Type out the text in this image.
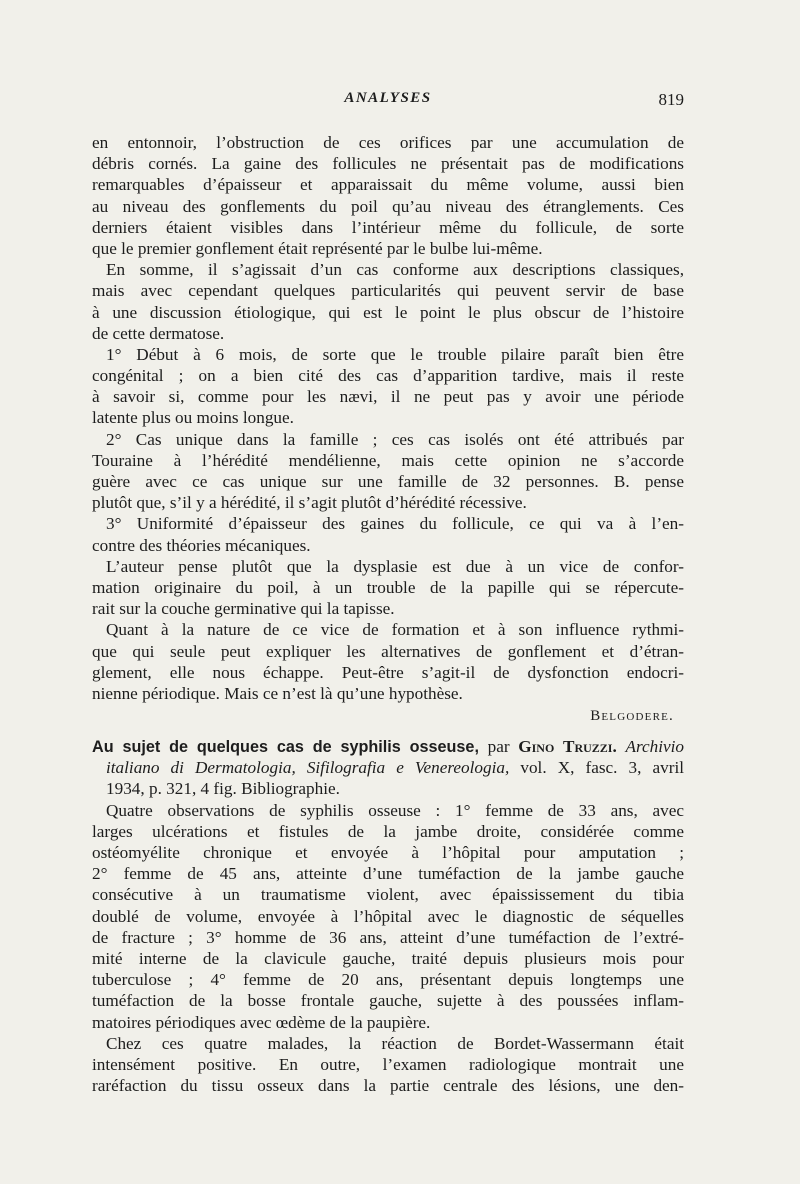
ANALYSES	819

en entonnoir, l’obstruction de ces orifices par une accumulation de

débris cornés. La gaine des follicules ne présentait pas de modifications

remarquables d’épaisseur et apparaissait du même volume, aussi bien

au niveau des gonflements du poil qu’au niveau des étranglements. Ces

derniers étaient visibles dans l’intérieur même du follicule, de sorte

que le premier gonflement était représenté par le bulbe lui-même.

En somme, il s’agissait d’un cas conforme aux descriptions classiques,

mais avec cependant quelques particularités qui peuvent servir de base

à une discussion étiologique, qui est le point le plus obscur de l’histoire

de cette dermatose.

1° Début à 6 mois, de sorte que le trouble pilaire paraît bien être

congénital ; on a bien cité des cas d’apparition tardive, mais il reste

à savoir si, comme pour les nævi, il ne peut pas y avoir une période

latente plus ou moins longue.

2° Cas unique dans la famille ; ces cas isolés ont été attribués par

Touraine à l’hérédité mendélienne, mais cette opinion ne s’accorde

guère avec ce cas unique sur une famille de 32 personnes. B. pense

plutôt que, s’il y a hérédité, il s’agit plutôt d’hérédité récessive.

3° Uniformité d’épaisseur des gaines du follicule, ce qui va à l’en-

contre des théories mécaniques.

L’auteur pense plutôt que la dysplasie est due à un vice de confor-

mation originaire du poil, à un trouble de la papille qui se répercute-

rait sur la couche germinative qui la tapisse.

Quant à la nature de ce vice de formation et à son influence rythmi-

que qui seule peut expliquer les alternatives de gonflement et d’étran-

glement, elle nous échappe. Peut-être s’agit-il de dysfonction endocri-

nienne périodique. Mais ce n’est là qu’une hypothèse.

Belgodere.

Au sujet de quelques cas de syphilis osseuse, par Gino Truzzi. Archivio

italiano di Dermatologia, Sifilografia e Venereologia, vol. X, fasc. 3, avril

1934, p. 321, 4 fig. Bibliographie.

Quatre observations de syphilis osseuse : 1° femme de 33 ans, avec

larges ulcérations et fistules de la jambe droite, considérée comme

ostéomyélite chronique et envoyée à l’hôpital pour amputation ;

2° femme de 45 ans, atteinte d’une tuméfaction de la jambe gauche

consécutive à un traumatisme violent, avec épaississement du tibia

doublé de volume, envoyée à l’hôpital avec le diagnostic de séquelles

de fracture ; 3° homme de 36 ans, atteint d’une tuméfaction de l’extré-

mité interne de la clavicule gauche, traité depuis plusieurs mois pour

tuberculose ; 4° femme de 20 ans, présentant depuis longtemps une

tuméfaction de la bosse frontale gauche, sujette à des poussées inflam-

matoires périodiques avec œdème de la paupière.

Chez ces quatre malades, la réaction de Bordet-Wassermann était

intensément positive. En outre, l’examen radiologique montrait une

raréfaction du tissu osseux dans la partie centrale des lésions, une den-
